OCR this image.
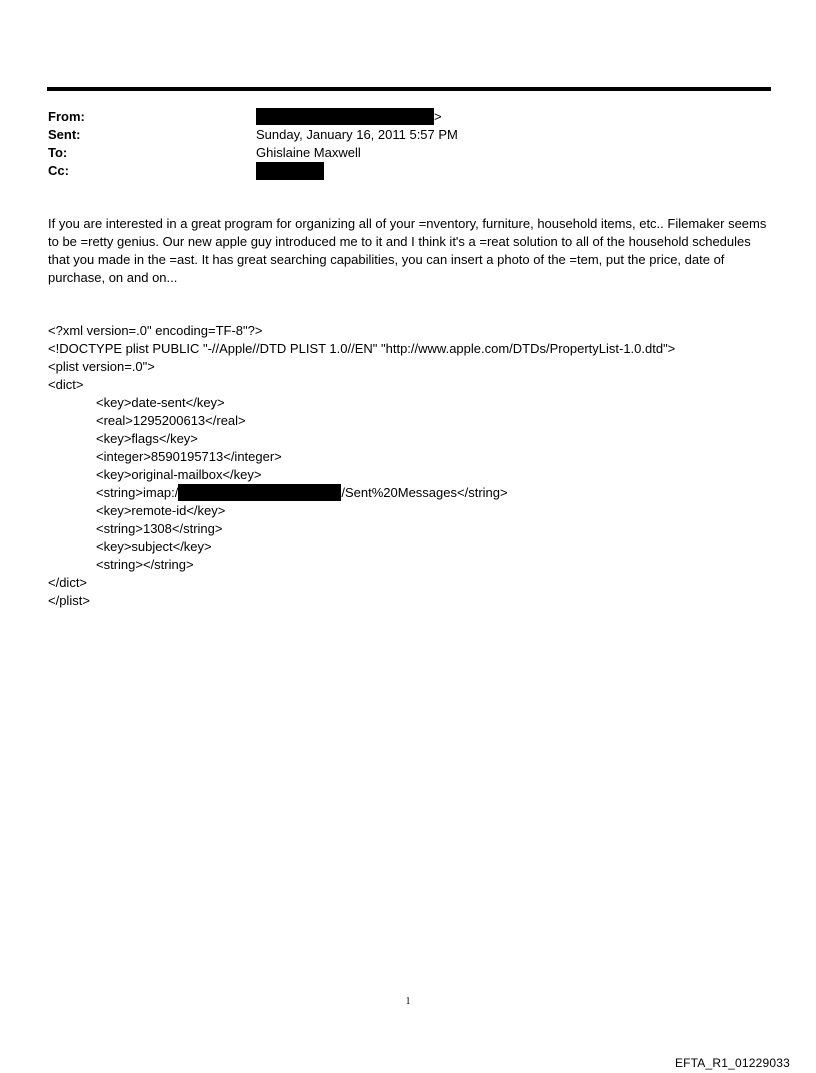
From:	>
Sent:	Sunday, January 16, 2011 5:57 PM
To:	Ghislaine Maxwell
Cc:
If you are interested in a great program for organizing all of your =nventory, furniture, household items, etc.. Filemaker seems to be =retty genius. Our new apple guy introduced me to it and I think it's a =reat solution to all of the household schedules that you made in the =ast. It has great searching capabilities, you can insert a photo of the =tem, put the price, date of purchase, on and on...
<?xml version=.0" encoding=TF-8"?>
<!DOCTYPE plist PUBLIC "-//Apple//DTD PLIST 1.0//EN" "http://www.apple.com/DTDs/PropertyList-1.0.dtd">
<plist version=.0">
<dict>
<key>date-sent</key>
<real>1295200613</real>
<key>flags</key>
<integer>8590195713</integer>
<key>original-mailbox</key>
<string>imap:/	/Sent%20Messages</string>
<key>remote-id</key>
<string>1308</string>
<key>subject</key>
<string></string>
</dict>
</plist>
1
EFTA_R1_01229033
